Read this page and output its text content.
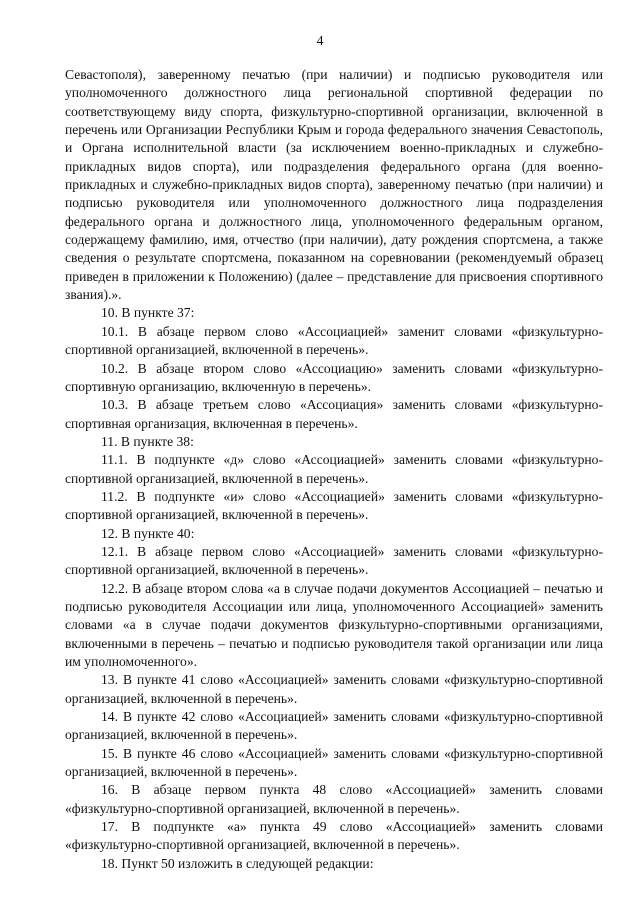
4

Севастополя), заверенному печатью (при наличии) и подписью руководителя или уполномоченного должностного лица региональной спортивной федерации по соответствующему виду спорта, физкультурно-спортивной организации, включенной в перечень или Организации Республики Крым и города федерального значения Севастополь, и Органа исполнительной власти (за исключением военно-прикладных и служебно-прикладных видов спорта), или подразделения федерального органа (для военно-прикладных и служебно-прикладных видов спорта), заверенному печатью (при наличии) и подписью руководителя или уполномоченного должностного лица подразделения федерального органа и должностного лица, уполномоченного федеральным органом, содержащему фамилию, имя, отчество (при наличии), дату рождения спортсмена, а также сведения о результате спортсмена, показанном на соревновании (рекомендуемый образец приведен в приложении к Положению) (далее – представление для присвоения спортивного звания).».

10. В пункте 37:

10.1. В абзаце первом слово «Ассоциацией» заменит словами «физкультурно-спортивной организацией, включенной в перечень».

10.2. В абзаце втором слово «Ассоциацию» заменить словами «физкультурно-спортивную организацию, включенную в перечень».

10.3. В абзаце третьем слово «Ассоциация» заменить словами «физкультурно-спортивная организация, включенная в перечень».

11. В пункте 38:

11.1. В подпункте «д» слово «Ассоциацией» заменить словами «физкультурно-спортивной организацией, включенной в перечень».

11.2. В подпункте «и» слово «Ассоциацией» заменить словами «физкультурно-спортивной организацией, включенной в перечень».

12. В пункте 40:

12.1. В абзаце первом слово «Ассоциацией» заменить словами «физкультурно-спортивной организацией, включенной в перечень».

12.2. В абзаце втором слова «а в случае подачи документов Ассоциацией – печатью и подписью руководителя Ассоциации или лица, уполномоченного Ассоциацией» заменить словами «а в случае подачи документов физкультурно-спортивными организациями, включенными в перечень – печатью и подписью руководителя такой организации или лица им уполномоченного».

13. В пункте 41 слово «Ассоциацией» заменить словами «физкультурно-спортивной организацией, включенной в перечень».

14. В пункте 42 слово «Ассоциацией» заменить словами «физкультурно-спортивной организацией, включенной в перечень».

15. В пункте 46 слово «Ассоциацией» заменить словами «физкультурно-спортивной организацией, включенной в перечень».

16. В абзаце первом пункта 48 слово «Ассоциацией» заменить словами «физкультурно-спортивной организацией, включенной в перечень».

17. В подпункте «а» пункта 49 слово «Ассоциацией» заменить словами «физкультурно-спортивной организацией, включенной в перечень».

18. Пункт 50 изложить в следующей редакции:
